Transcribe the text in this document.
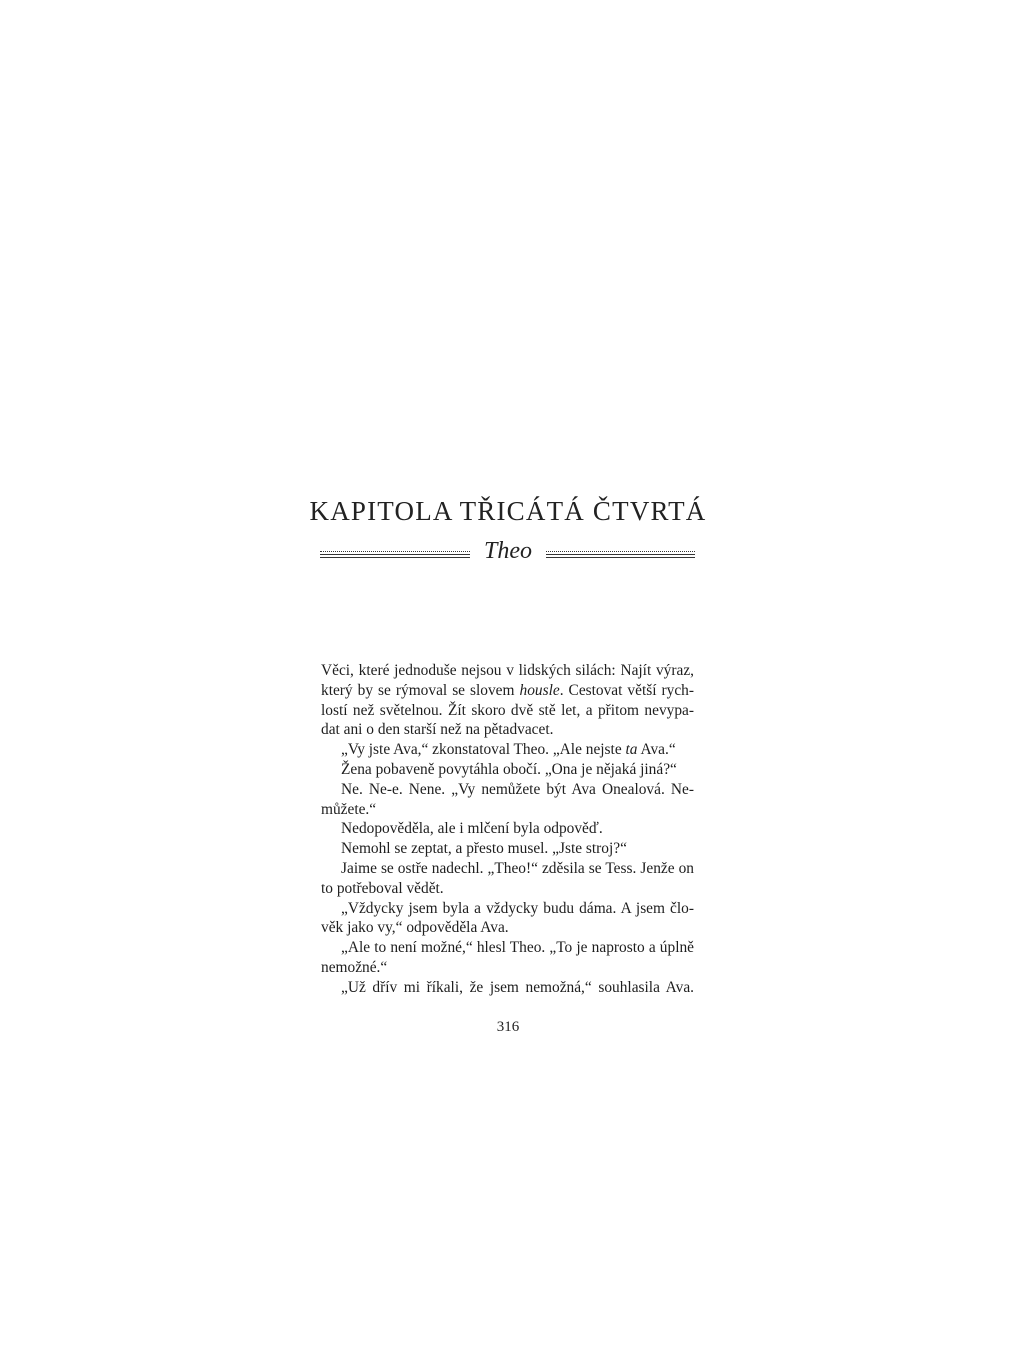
KAPITOLA TŘICÁTÁ ČTVRTÁ
Theo
Věci, které jednoduše nejsou v lidských silách: Najít výraz,
který by se rýmoval se slovem housle. Cestovat větší rych-
lostí než světelnou. Žít skoro dvě stě let, a přitom nevypa-
dat ani o den starší než na pětadvacet.
„Vy jste Ava,“ zkonstatoval Theo. „Ale nejste ta Ava.“
Žena pobaveně povytáhla obočí. „Ona je nějaká jiná?“
Ne. Ne-e. Nene. „Vy nemůžete být Ava Onealová. Ne-
můžete.“
Nedopověděla, ale i mlčení byla odpověď.
Nemohl se zeptat, a přesto musel. „Jste stroj?“
Jaime se ostře nadechl. „Theo!“ zděsila se Tess. Jenže on
to potřeboval vědět.
„Vždycky jsem byla a vždycky budu dáma. A jsem člo-
věk jako vy,“ odpověděla Ava.
„Ale to není možné,“ hlesl Theo. „To je naprosto a úplně
nemožné.“
„Už dřív mi říkali, že jsem nemožná,“ souhlasila Ava.
316
